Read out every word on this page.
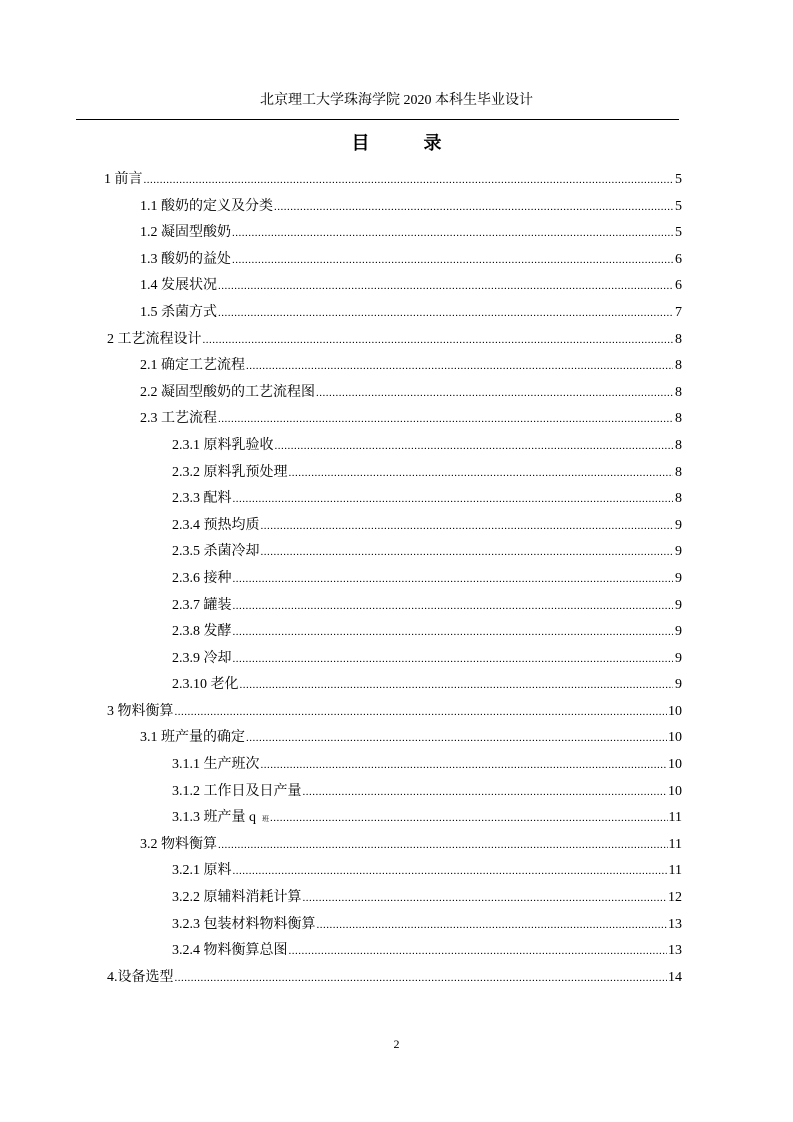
北京理工大学珠海学院 2020 本科生毕业设计
目　录
1 前言 .....	5
1.1 酸奶的定义及分类 .....	5
1.2 凝固型酸奶 .....	5
1.3 酸奶的益处 .....	6
1.4 发展状况 .....	6
1.5 杀菌方式 .....	7
2 工艺流程设计 .....	8
2.1 确定工艺流程 .....	8
2.2 凝固型酸奶的工艺流程图 .....	8
2.3 工艺流程 .....	8
2.3.1 原料乳验收 .....	8
2.3.2 原料乳预处理 .....	8
2.3.3 配料 .....	8
2.3.4 预热均质 .....	9
2.3.5 杀菌冷却 .....	9
2.3.6 接种 .....	9
2.3.7 罐装 .....	9
2.3.8 发酵 .....	9
2.3.9 冷却 .....	9
2.3.10 老化 .....	9
3 物料衡算 .....	10
3.1 班产量的确定 .....	10
3.1.1 生产班次 .....	10
3.1.2 工作日及日产量 .....	10
3.1.3 班产量 q 班 .....	11
3.2 物料衡算 .....	11
3.2.1 原料 .....	11
3.2.2 原辅料消耗计算 .....	12
3.2.3 包装材料物料衡算 .....	13
3.2.4 物料衡算总图 .....	13
4.设备选型 .....	14
2
